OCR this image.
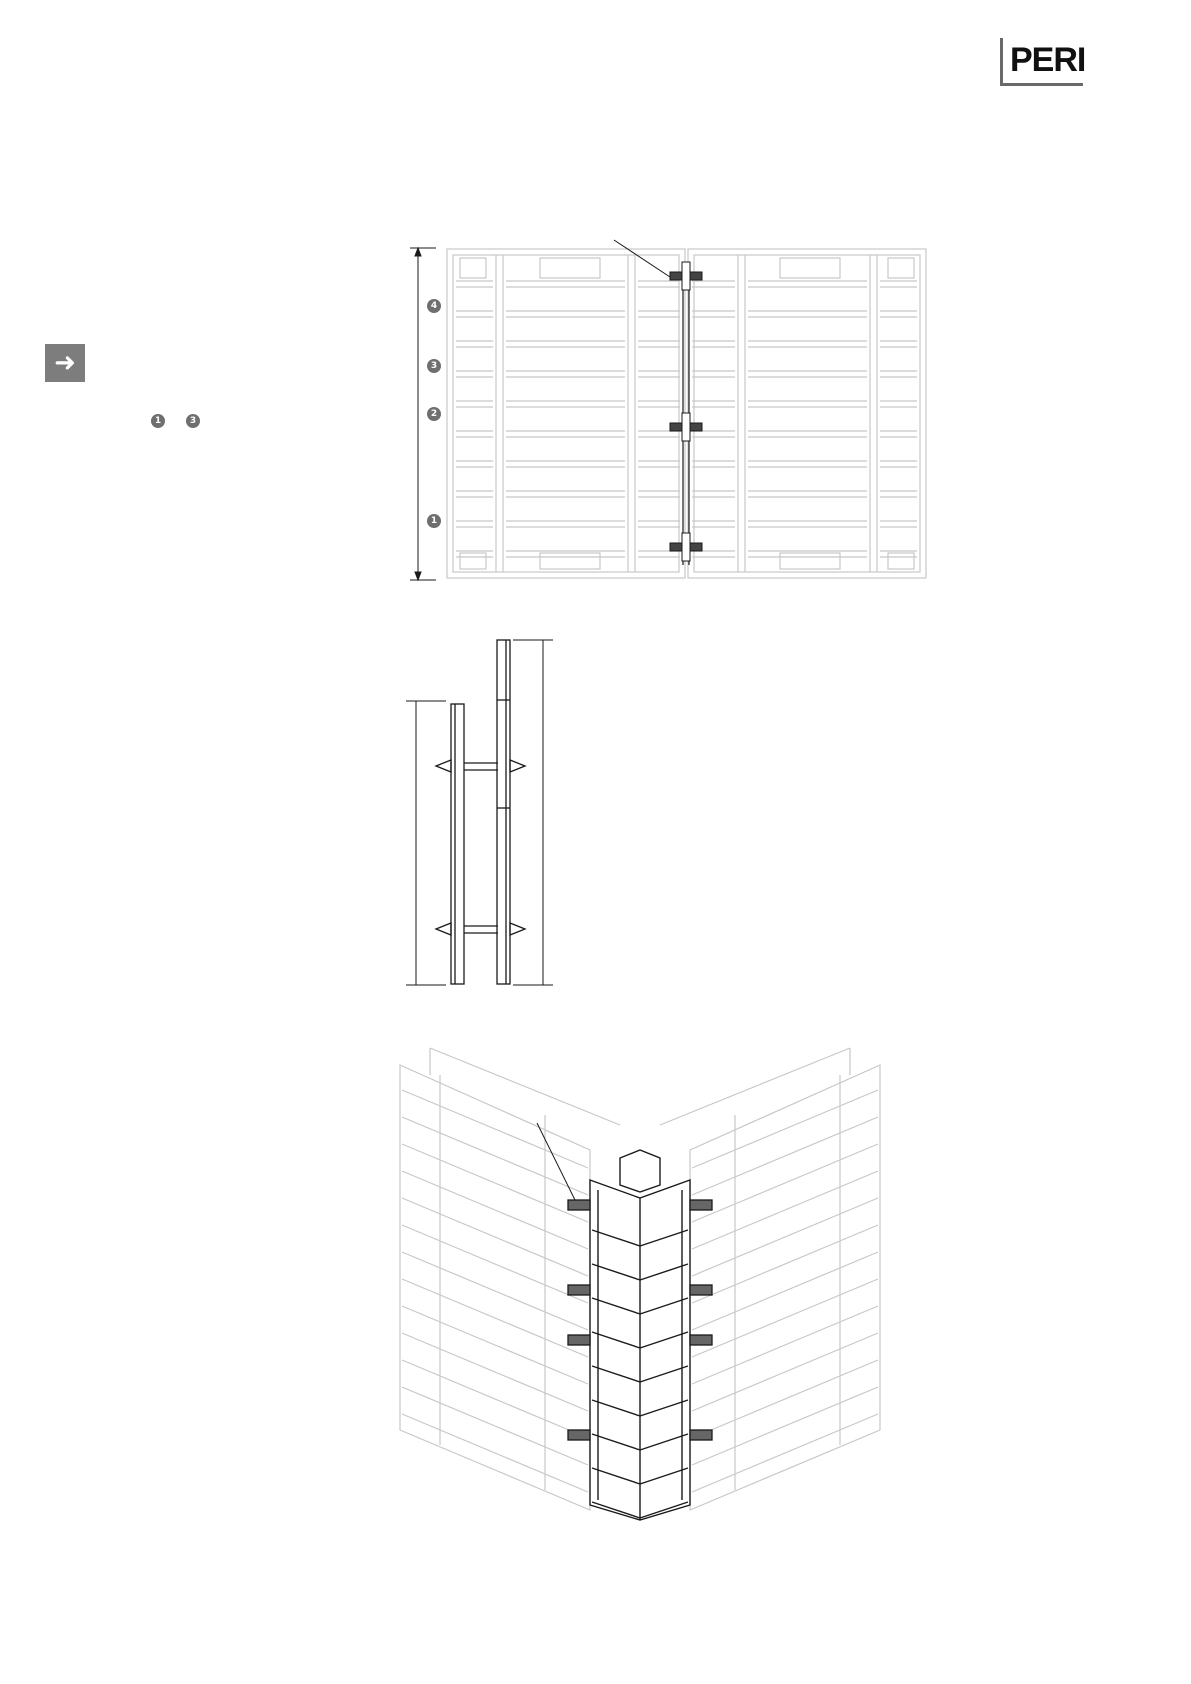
PERI
➜
1	3
4
3
2
1
